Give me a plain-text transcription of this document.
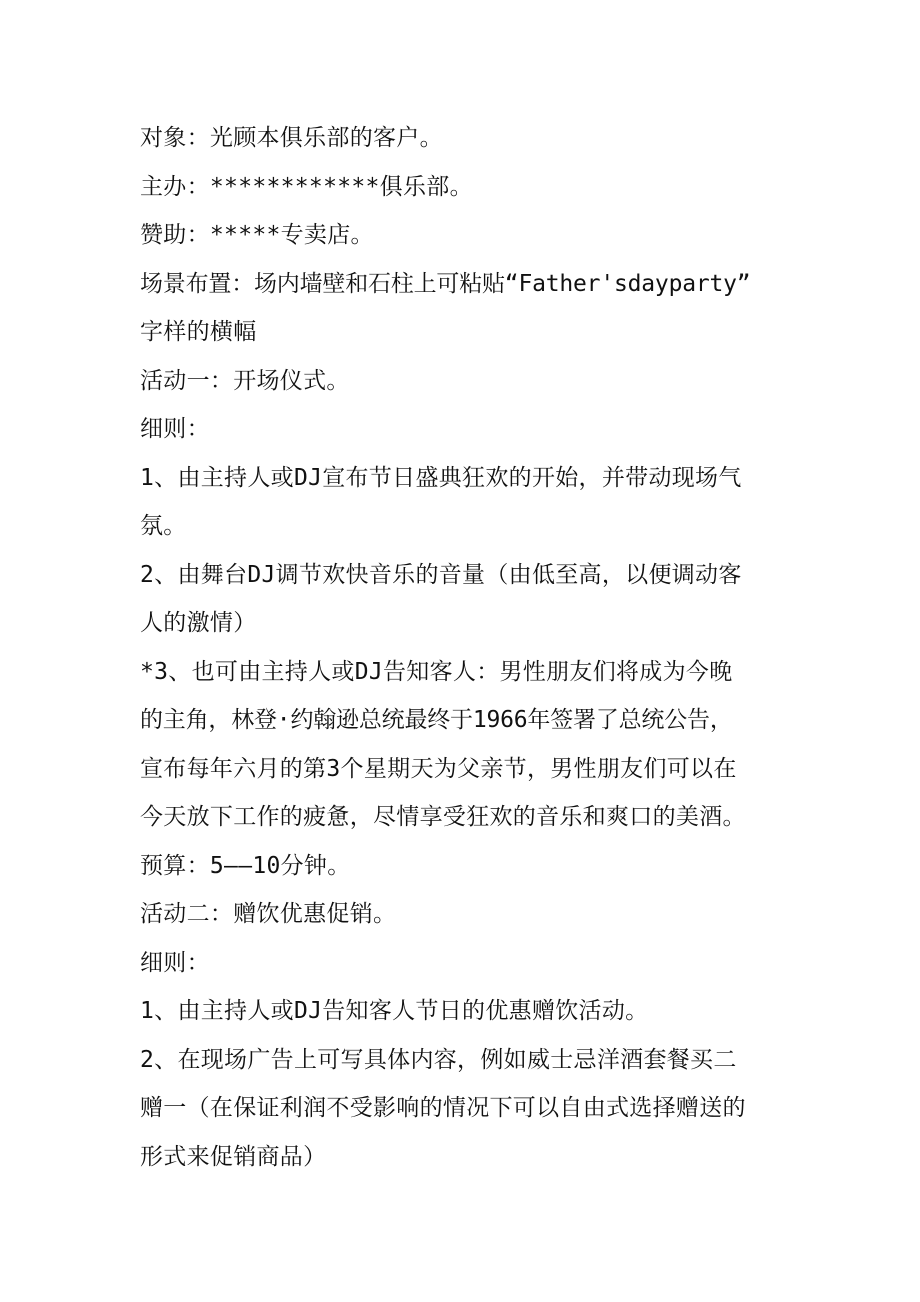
对象：光顾本俱乐部的客户。
主办：************俱乐部。
赞助：*****专卖店。
场景布置：场内墙壁和石柱上可粘贴“Father'sdayparty”
字样的横幅
活动一：开场仪式。
细则：
1、由主持人或DJ宣布节日盛典狂欢的开始，并带动现场气
氛。
2、由舞台DJ调节欢快音乐的音量（由低至高，以便调动客
人的激情）
*3、也可由主持人或DJ告知客人：男性朋友们将成为今晚
的主角，林登·约翰逊总统最终于1966年签署了总统公告，
宣布每年六月的第3个星期天为父亲节，男性朋友们可以在
今天放下工作的疲惫，尽情享受狂欢的音乐和爽口的美酒。
预算：5——10分钟。
活动二：赠饮优惠促销。
细则：
1、由主持人或DJ告知客人节日的优惠赠饮活动。
2、在现场广告上可写具体内容，例如威士忌洋酒套餐买二
赠一（在保证利润不受影响的情况下可以自由式选择赠送的
形式来促销商品）
